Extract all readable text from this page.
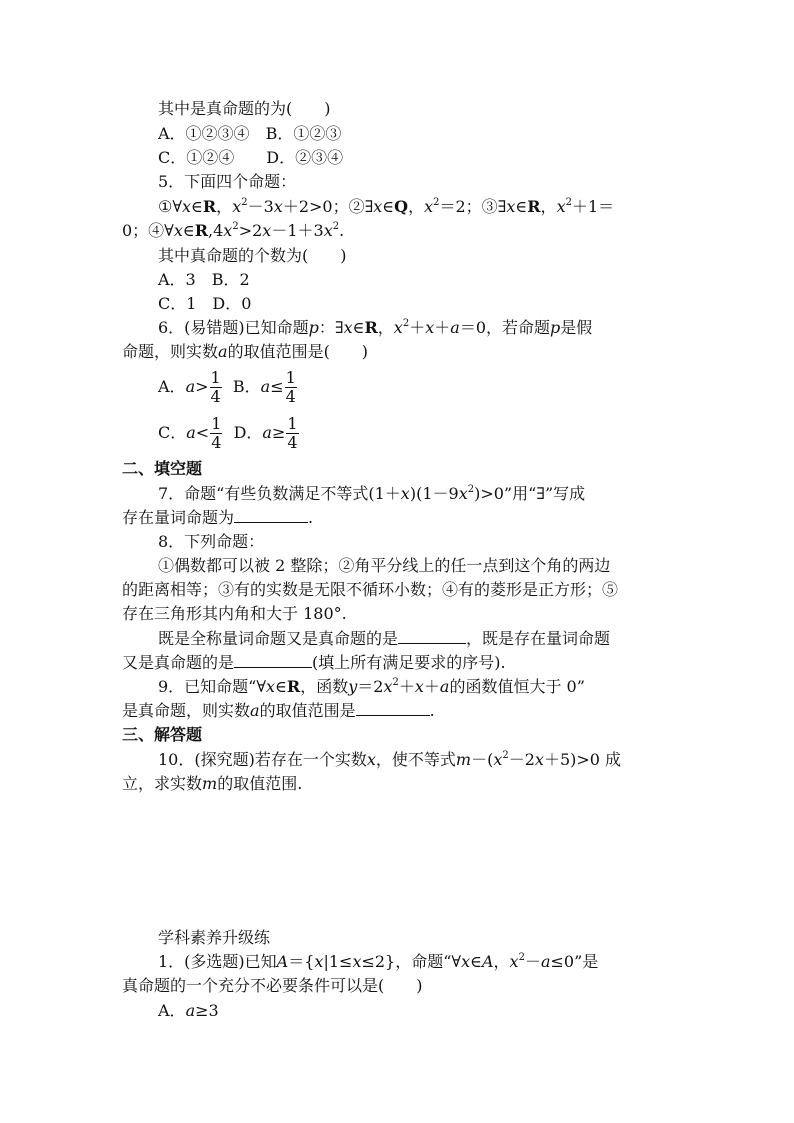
其中是真命题的为(　　)
A．①②③④　 B．①②③
C．①②④　　 D．②③④
5．下面四个命题：
①∀x∈R，$x^2-3x+2>0$；②∃x∈Q，$x^2=2$；③∃x∈R，$x^2+1=$
0；$④\forall x\in R,4x^2>2x-1+3x^2$.
其中真命题的个数为(　　)
A．3　B．2
C．1　D．0
6．(易错题)已知命题p：∃x∈R，$x^2+x+a=0$，若命题p是假
命题，则实数a的取值范围是(　　)
A．$a> \frac{1}{4}$ B．$a\le \frac{1}{4}$
C．$a< \frac{1}{4}$ D．$a\ge \frac{1}{4}$
二、填空题
7．命题“有些负数满足不等式$(1+x)(1-9x^2)>0$”用“∃”写成
存在量词命题为	.
8．下列命题：
①偶数都可以被 2 整除；②角平分线上的任一点到这个角的两边
的距离相等；③有的实数是无限不循环小数；④有的菱形是正方形；⑤
存在三角形其内角和大于 180°.
既是全称量词命题又是真命题的是	，既是存在量词命题
又是真命题的是	(填上所有满足要求的序号).
9．已知命题“∀x∈R，函数$y=2x^2+x+a$的函数值恒大于 0”
是真命题，则实数a的取值范围是	.
三、解答题
10．(探究题)若存在一个实数x，使不等式$m-(x^2-2x+5)>0$ 成
立，求实数m的取值范围.
学科素养升级练
1．(多选题)已知A＝{x|1≤x≤2}，命题“∀x∈A，$x^2-a\le 0$”是
真命题的一个充分不必要条件可以是(　　)
A．a≥3
